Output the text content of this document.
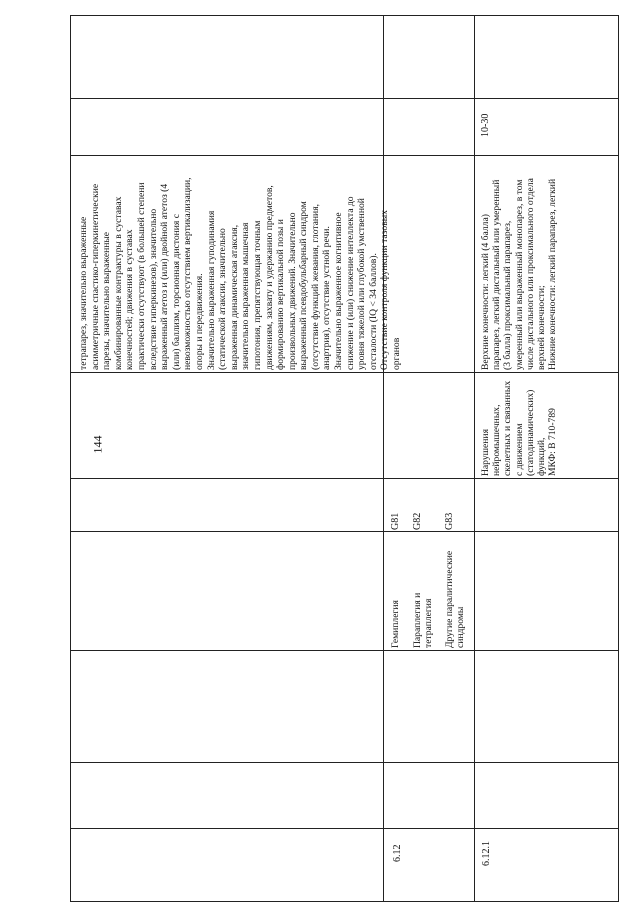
144
тетрапарез, значительно выраженные асимметричные спастико-гиперкинетические парезы, значительно выраженные комбинированные контрактуры в суставах конечностей; движения в суставах практически отсутствуют (в большей степени вследствие гиперкинезов), значительно выраженный атетоз и (или) двойной атетоз (4 (или) баллизм, торсионная дистония с невозможностью отсутствием вертикализации, опоры и передвижения. Значительно выраженная гуподинамия (статической атаксии, значительно выраженная динамическая атаксия, значительно выраженная мышечная гипотония, препятствующая точным движениям, захвату и удержанию предметов, формированию вертикальной позы и произвольных движений. Значительно выраженный псевдобульбарный синдром (отсутствие функций жевания, глотания, анартрия), отсутствие устной речи. Значительно выраженное когнитивное снижение и (или) снижение интеллекта до уровня тяжелой или глубокой умственной отсталости (IQ < 34 баллов). Отсутствие контроля функции тазовых органов
6.12
Гемиплегия Параплегия и тетраплегия Другие паралитические синдромы
G81 G82 G83
6.12.1
Нарушения нейромышечных, скелетных и связанных с движением (статодинамических) функций, МКФ: В 710-789
Верхние конечности: легкий (4 балла) парапарез, легкий дистальный или умеренный (3 балла) проксимальный парапарез, умеренный или выраженный монопарез, в том числе дистального или проксимального отдела верхней конечности; Нижние конечности: легкий парапарез, легкий
10-30
